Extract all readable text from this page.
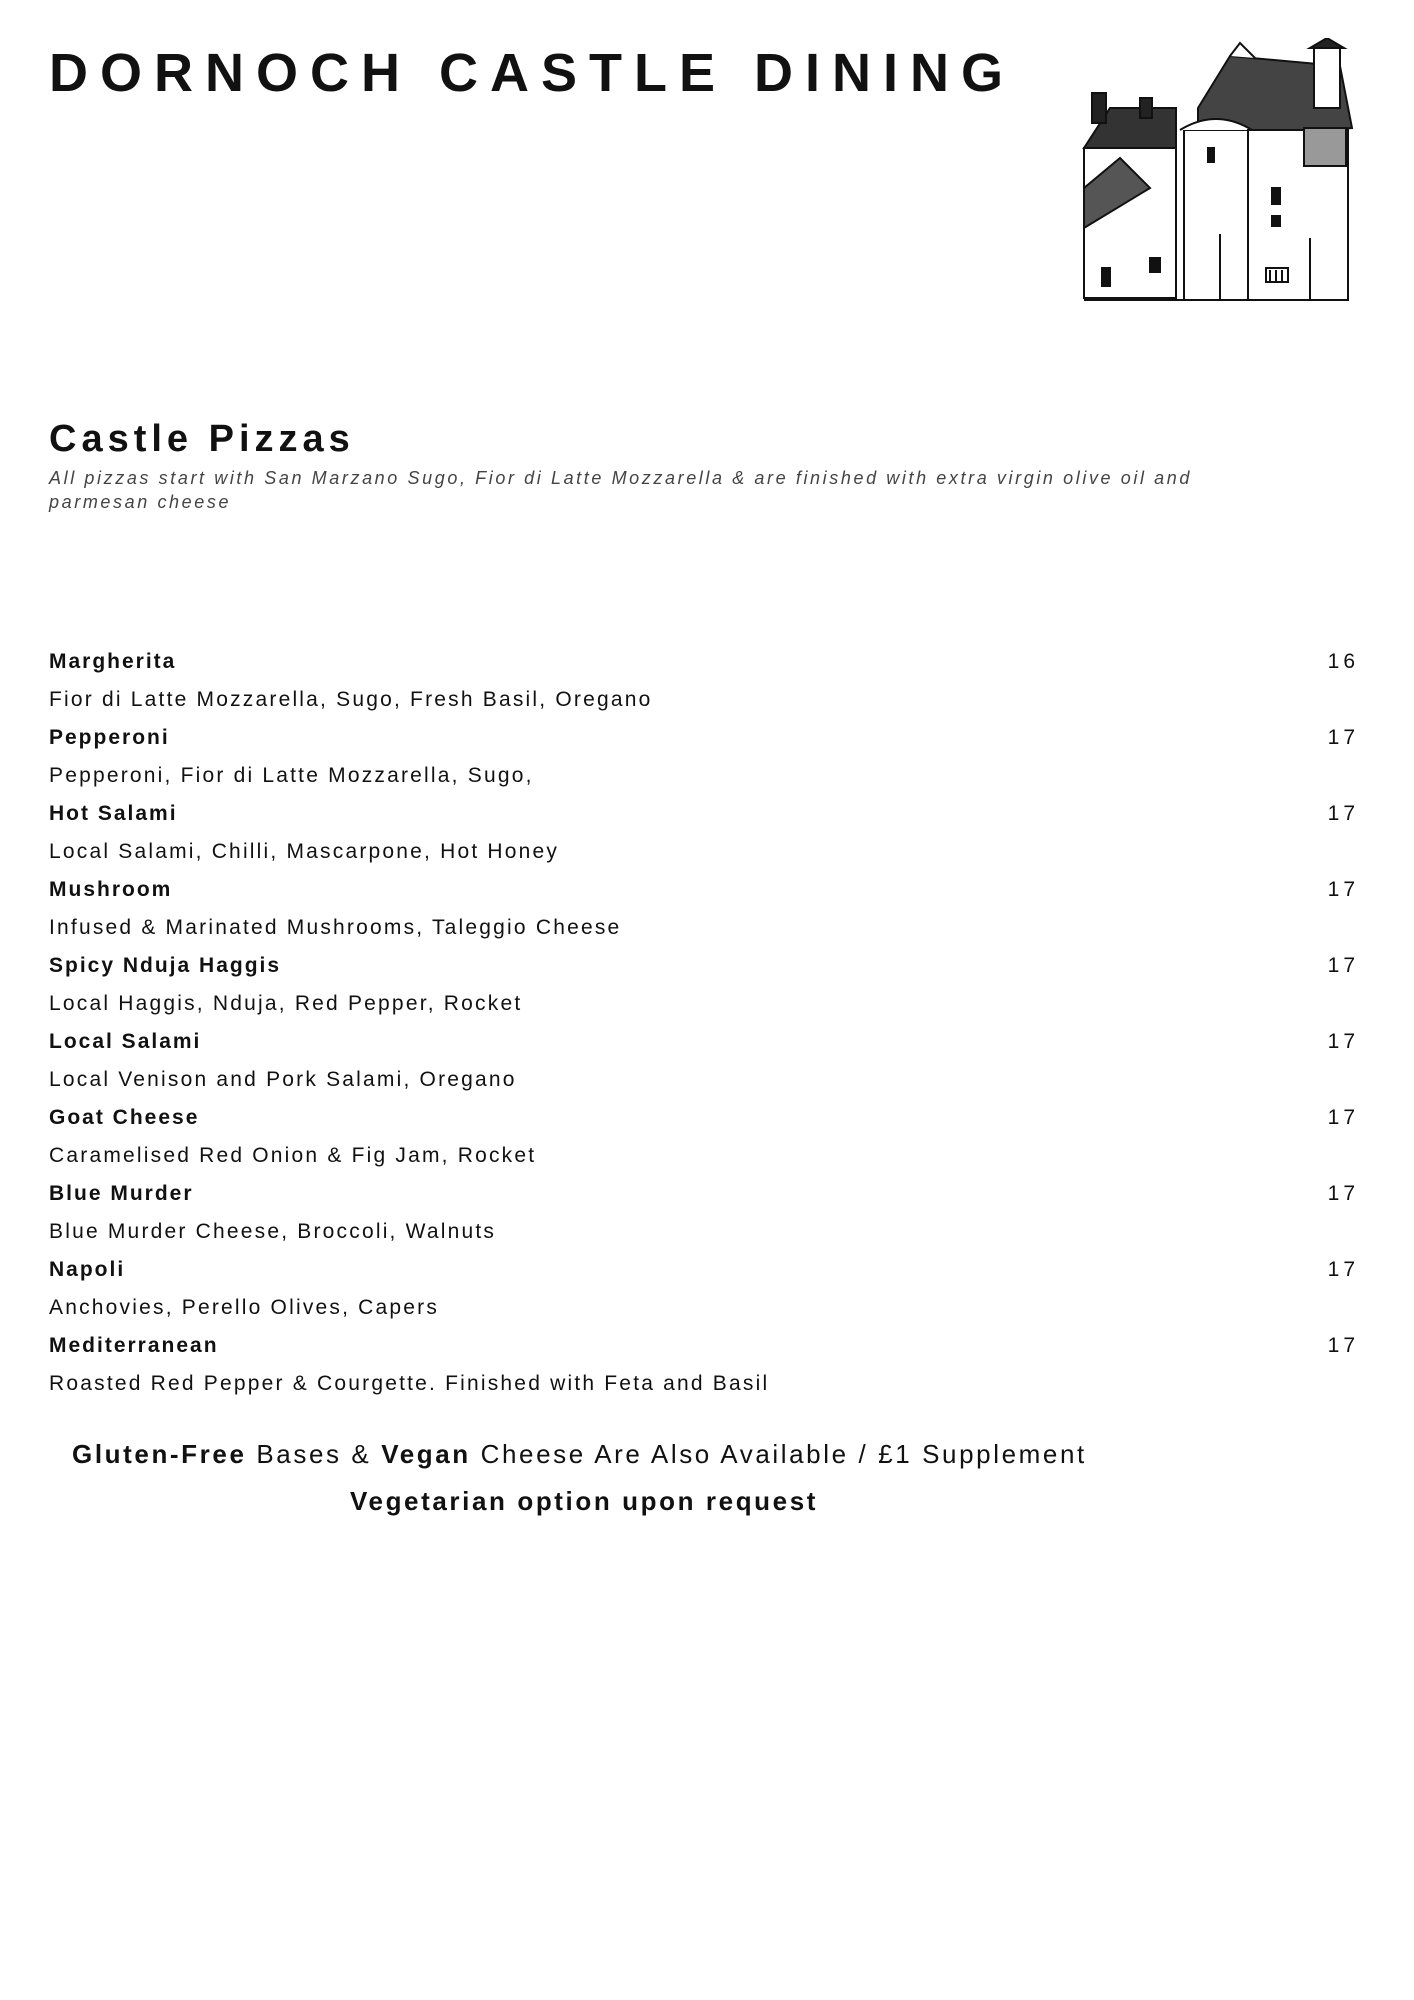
DORNOCH CASTLE DINING
Castle Pizzas

All pizzas start with San Marzano Sugo, Fior di Latte Mozzarella & are finished with extra virgin olive oil and parmesan cheese

Margherita	16
Fior di Latte Mozzarella, Sugo, Fresh Basil, Oregano
Pepperoni	17
Pepperoni, Fior di Latte Mozzarella, Sugo,
Hot Salami	17
Local Salami, Chilli, Mascarpone, Hot Honey
Mushroom	17
Infused & Marinated Mushrooms, Taleggio Cheese
Spicy Nduja Haggis	17
Local Haggis, Nduja, Red Pepper, Rocket
Local Salami	17
Local Venison and Pork Salami, Oregano
Goat Cheese	17
Caramelised Red Onion & Fig Jam, Rocket
Blue Murder	17
Blue Murder Cheese, Broccoli, Walnuts
Napoli	17
Anchovies, Perello Olives, Capers
Mediterranean	17
Roasted Red Pepper & Courgette. Finished with Feta and Basil
Gluten-Free Bases & Vegan Cheese Are Also Available / £1 Supplement
Vegetarian option upon request
